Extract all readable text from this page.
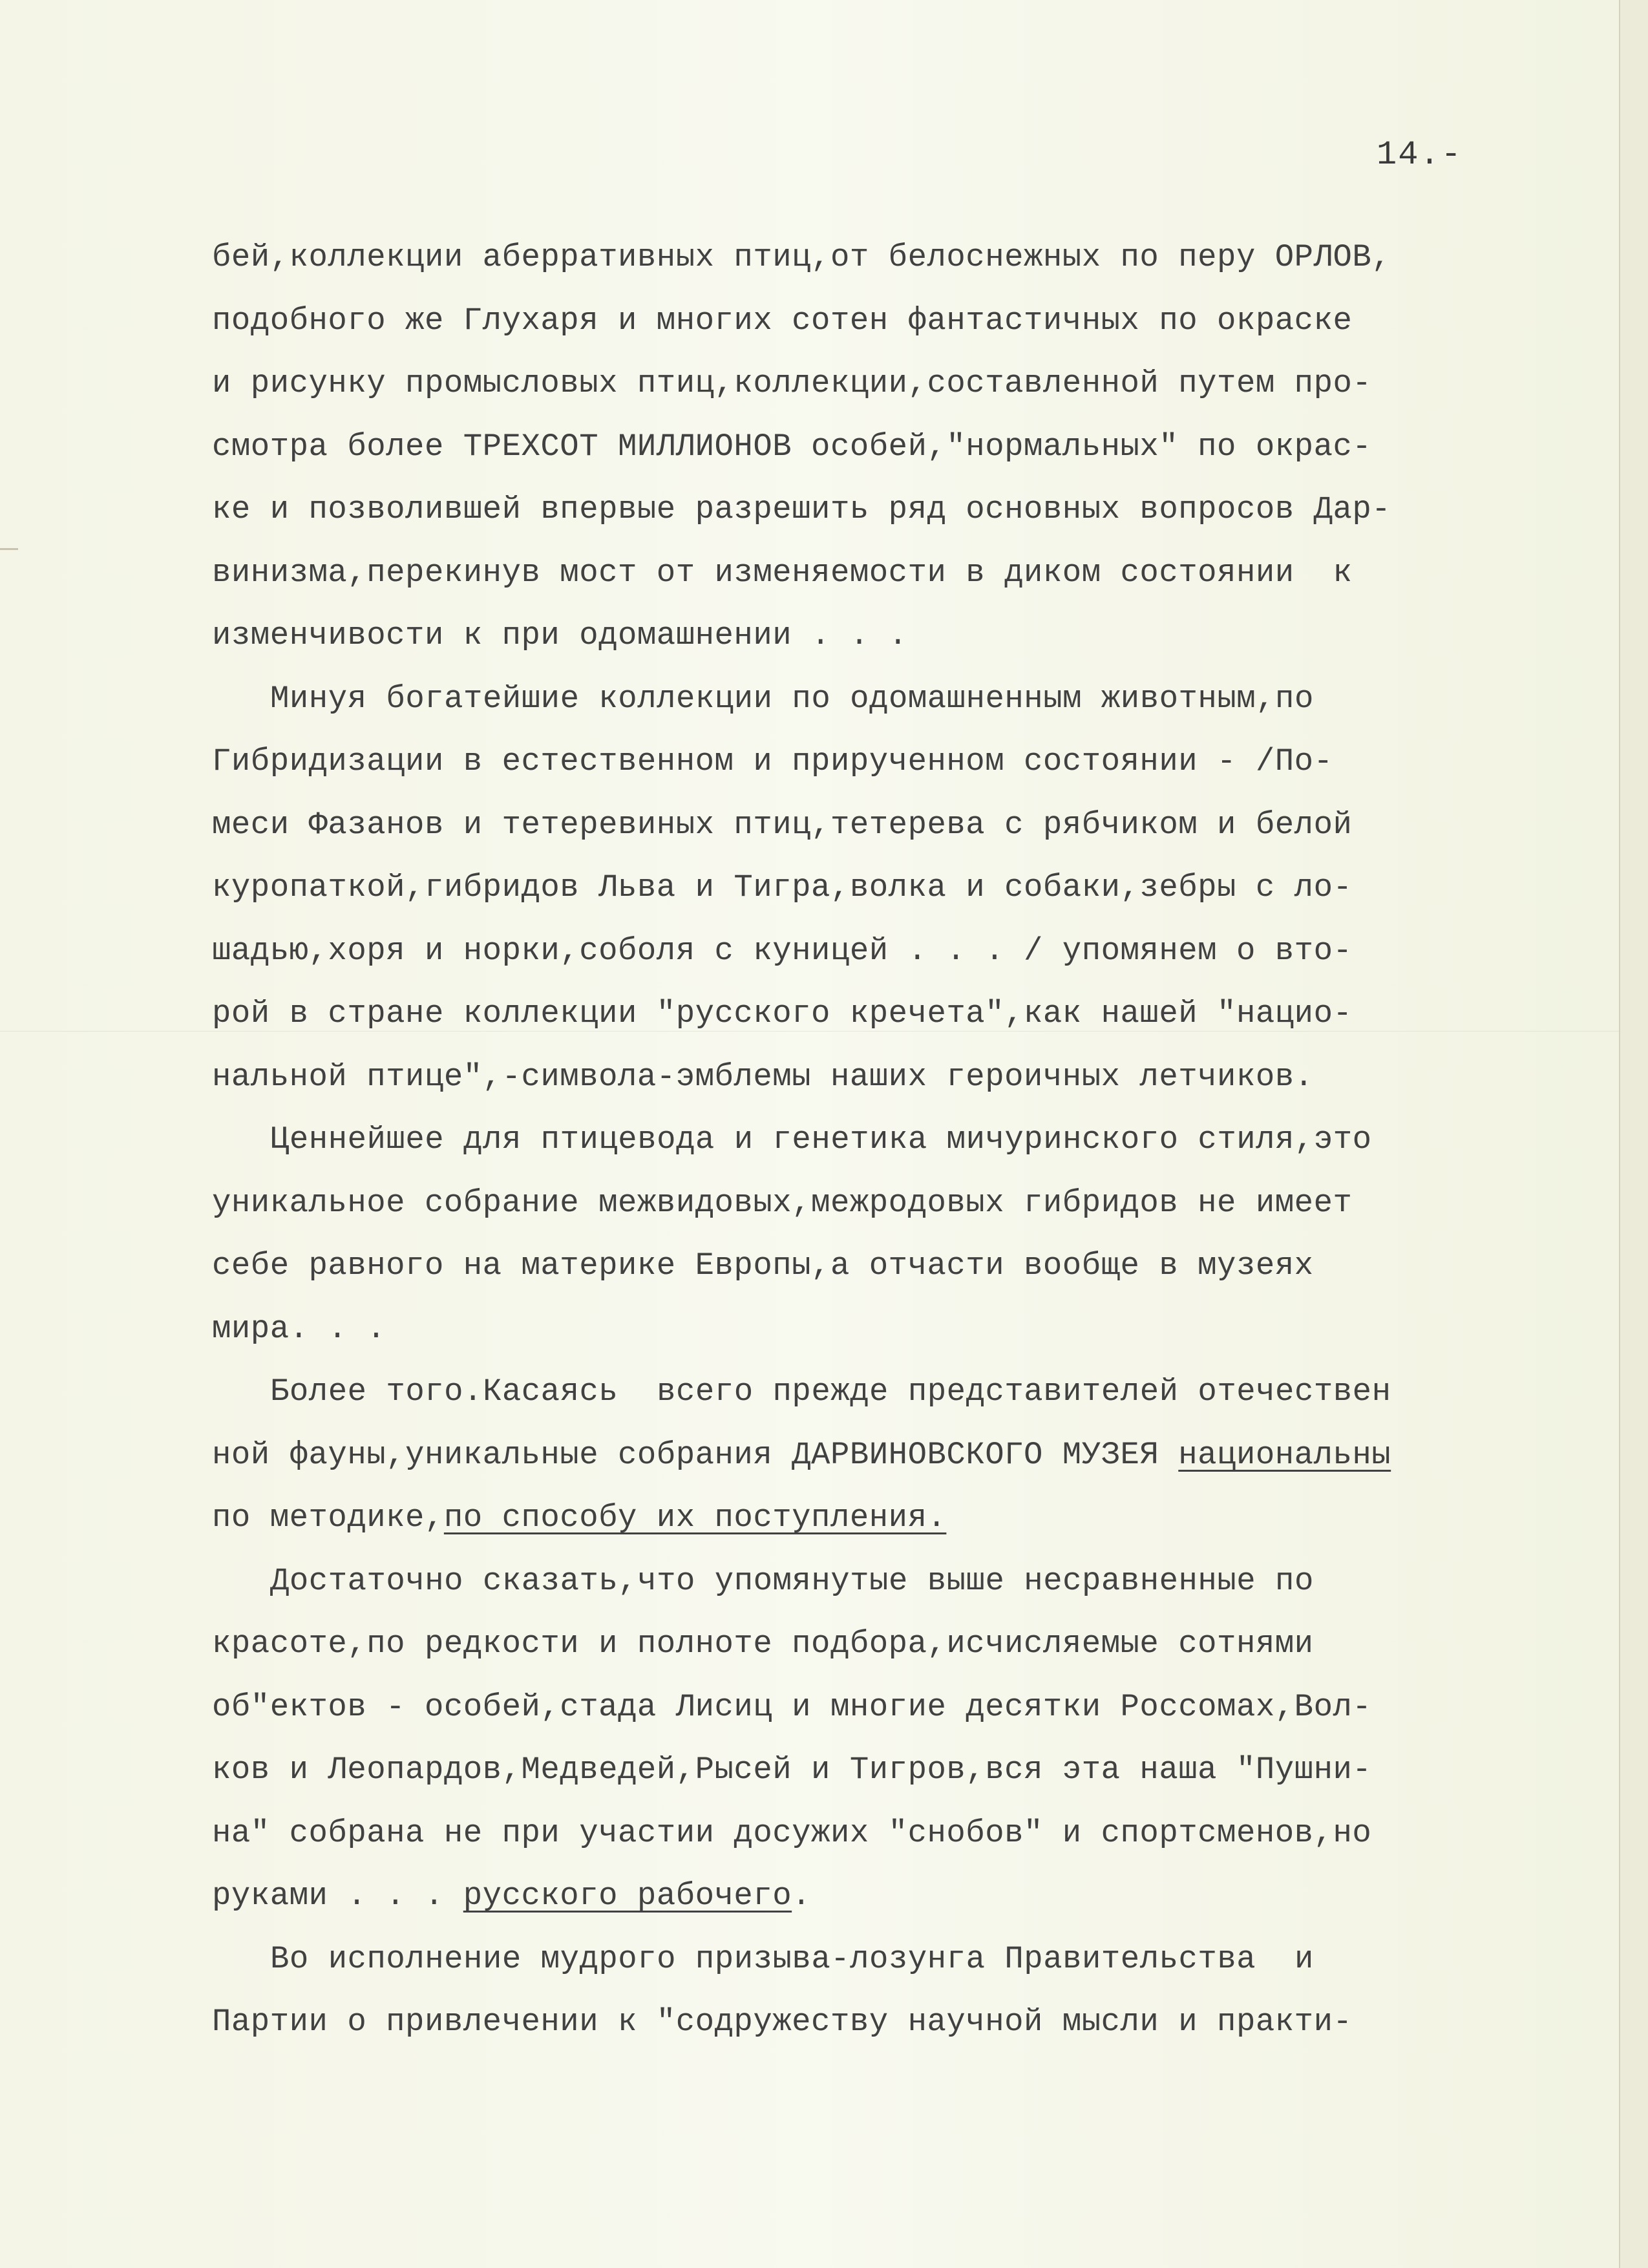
14.-
бей,коллекции аберративных птиц,от белоснежных по перу ОРЛОВ,
подобного же Глухаря и многих сотен фантастичных по окраске
и рисунку промысловых птиц,коллекции,составленной путем про-
смотра более ТРЕХСОТ МИЛЛИОНОВ особей,"нормальных" по окрас-
ке и позволившей впервые разрешить ряд основных вопросов Дар-
винизма,перекинув мост от изменяемости в диком состоянии  к
изменчивости к при одомашнении . . .
Минуя богатейшие коллекции по одомашненным животным,по
Гибридизации в естественном и прирученном состоянии - /По-
меси Фазанов и тетеревиных птиц,тетерева с рябчиком и белой
куропаткой,гибридов Льва и Тигра,волка и собаки,зебры с ло-
шадью,хоря и норки,соболя с куницей . . . / упомянем о вто-
рой в стране коллекции "русского кречета",как нашей "нацио-
нальной птице",-символа-эмблемы наших героичных летчиков.
Ценнейшее для птицевода и генетика мичуринского стиля,это
уникальное собрание межвидовых,межродовых гибридов не имеет
себе равного на материке Европы,а отчасти вообще в музеях
мира. . .
Более того.Касаясь  всего прежде представителей отечествен
ной фауны,уникальные собрания ДАРВИНОВСКОГО МУЗЕЯ национальны
по методике,по способу их поступления.
Достаточно сказать,что упомянутые выше несравненные по
красоте,по редкости и полноте подбора,исчисляемые сотнями
об"ектов - особей,стада Лисиц и многие десятки Россомах,Вол-
ков и Леопардов,Медведей,Рысей и Тигров,вся эта наша "Пушни-
на" собрана не при участии досужих "снобов" и спортсменов,но
руками . . . русского рабочего.
Во исполнение мудрого призыва-лозунга Правительства  и
Партии о привлечении к "содружеству научной мысли и практи-
